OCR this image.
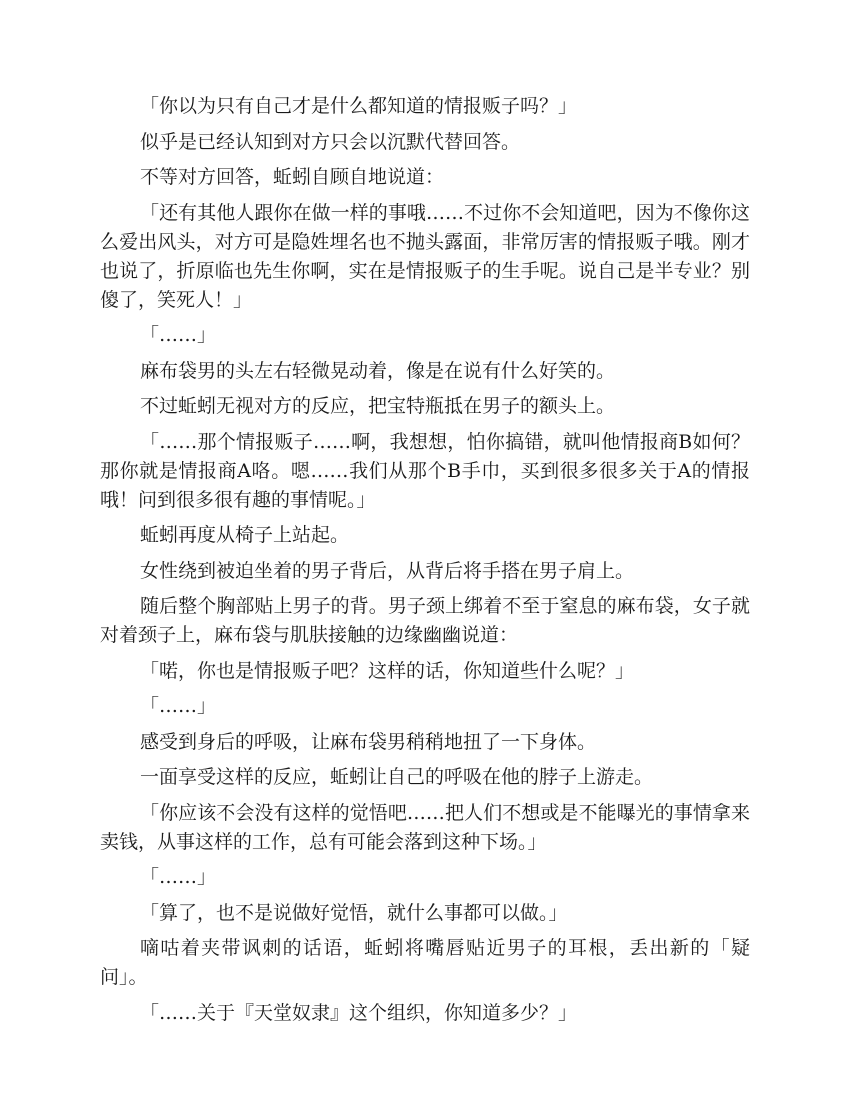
「你以为只有自己才是什么都知道的情报贩子吗？」

似乎是已经认知到对方只会以沉默代替回答。

不等对方回答，蚯蚓自顾自地说道：

「还有其他人跟你在做一样的事哦……不过你不会知道吧，因为不像你这么爱出风头，对方可是隐姓埋名也不抛头露面，非常厉害的情报贩子哦。刚才也说了，折原临也先生你啊，实在是情报贩子的生手呢。说自己是半专业？别傻了，笑死人！」

「……」

麻布袋男的头左右轻微晃动着，像是在说有什么好笑的。

不过蚯蚓无视对方的反应，把宝特瓶抵在男子的额头上。

「……那个情报贩子……啊，我想想，怕你搞错，就叫他情报商B如何？那你就是情报商A咯。嗯……我们从那个B手巾，买到很多很多关于A的情报哦！问到很多很有趣的事情呢。」

蚯蚓再度从椅子上站起。

女性绕到被迫坐着的男子背后，从背后将手搭在男子肩上。

随后整个胸部贴上男子的背。男子颈上绑着不至于窒息的麻布袋，女子就对着颈子上，麻布袋与肌肤接触的边缘幽幽说道：

「喏，你也是情报贩子吧？这样的话，你知道些什么呢？」

「……」

感受到身后的呼吸，让麻布袋男稍稍地扭了一下身体。

一面享受这样的反应，蚯蚓让自己的呼吸在他的脖子上游走。

「你应该不会没有这样的觉悟吧……把人们不想或是不能曝光的事情拿来卖钱，从事这样的工作，总有可能会落到这种下场。」

「……」

「算了，也不是说做好觉悟，就什么事都可以做。」

嘀咕着夹带讽刺的话语，蚯蚓将嘴唇贴近男子的耳根，丢出新的「疑问」。

「……关于『天堂奴隶』这个组织，你知道多少？」
